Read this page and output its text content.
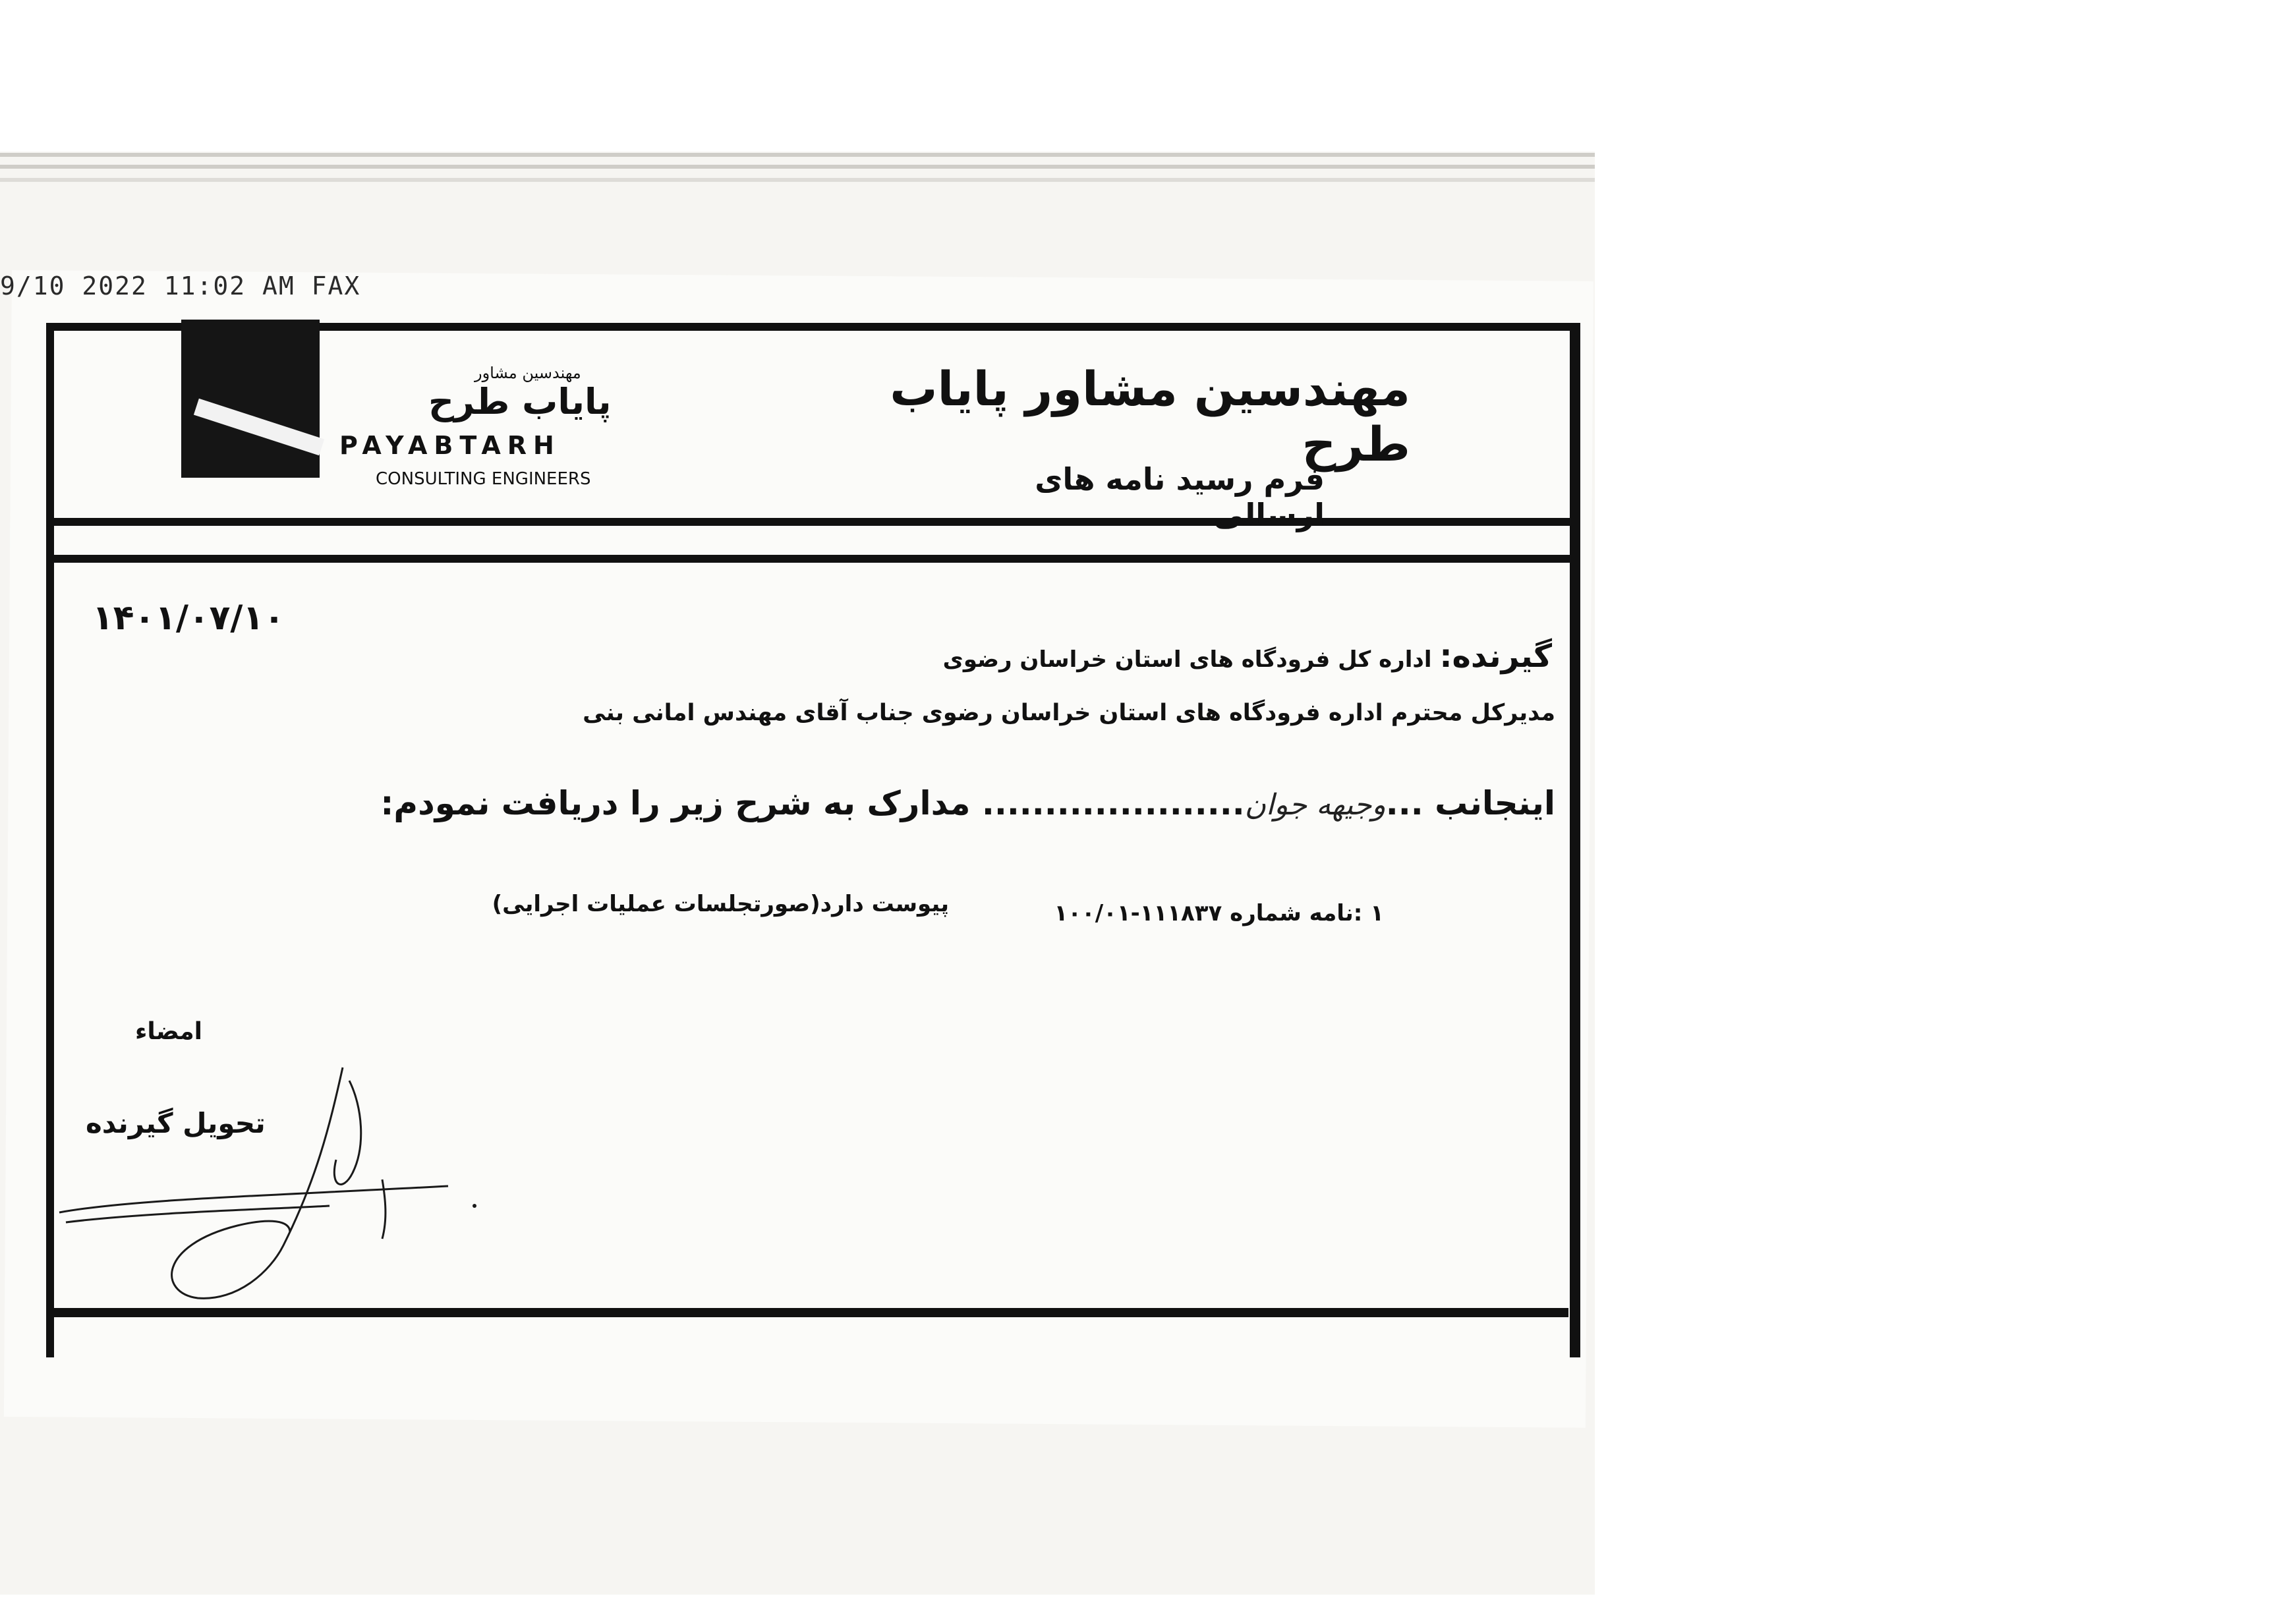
9/10 2022 11:02 AM FAX
مهندسین مشاور
پایاب طرح
PAYABTARH
CONSULTING ENGINEERS
مهندسین مشاور پایاب طرح
فرم رسید نامه های ارسالی
۱۴۰۱/۰۷/۱۰
گیرنده: اداره کل فرودگاه های استان خراسان رضوی
مدیرکل محترم اداره فرودگاه های استان خراسان رضوی جناب آقای مهندس امانی بنی
اینجانب ...وجیهه جوان..................... مدارک به شرح زیر را دریافت نمودم:
۱ :نامه شماره ۱۱۱۸۳۷-۱۰۰/۰۱
پیوست دارد(صورتجلسات عملیات اجرایی)
امضاء
تحویل گیرنده
